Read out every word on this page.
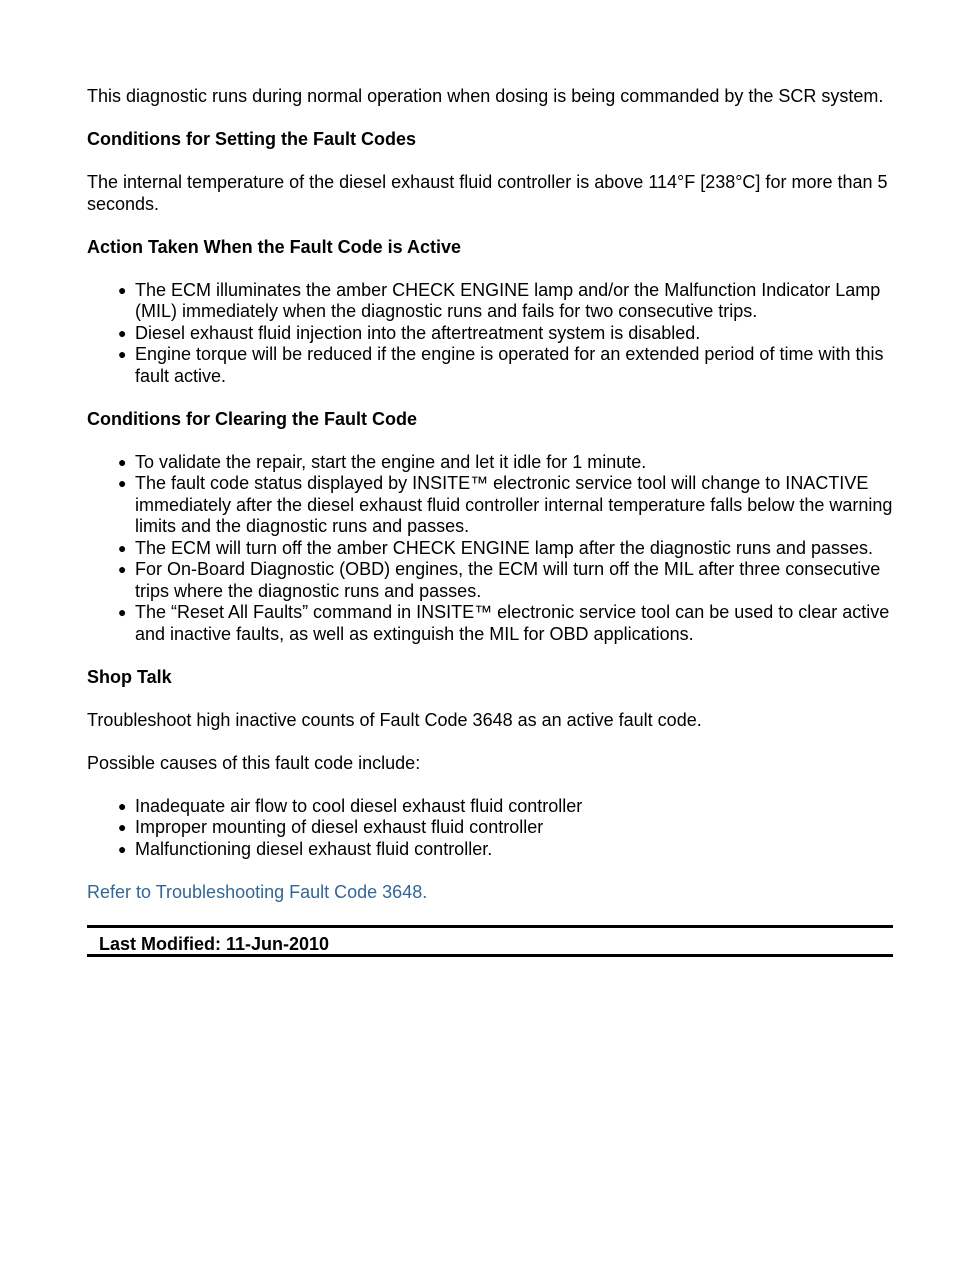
This diagnostic runs during normal operation when dosing is being commanded by the SCR system.

Conditions for Setting the Fault Codes

The internal temperature of the diesel exhaust fluid controller is above 114°F [238°C] for more than 5 seconds.

Action Taken When the Fault Code is Active

● The ECM illuminates the amber CHECK ENGINE lamp and/or the Malfunction Indicator Lamp (MIL) immediately when the diagnostic runs and fails for two consecutive trips.
● Diesel exhaust fluid injection into the aftertreatment system is disabled.
● Engine torque will be reduced if the engine is operated for an extended period of time with this fault active.

Conditions for Clearing the Fault Code

● To validate the repair, start the engine and let it idle for 1 minute.
● The fault code status displayed by INSITE™ electronic service tool will change to INACTIVE immediately after the diesel exhaust fluid controller internal temperature falls below the warning limits and the diagnostic runs and passes.
● The ECM will turn off the amber CHECK ENGINE lamp after the diagnostic runs and passes.
● For On-Board Diagnostic (OBD) engines, the ECM will turn off the MIL after three consecutive trips where the diagnostic runs and passes.
● The “Reset All Faults” command in INSITE™ electronic service tool can be used to clear active and inactive faults, as well as extinguish the MIL for OBD applications.

Shop Talk

Troubleshoot high inactive counts of Fault Code 3648 as an active fault code.

Possible causes of this fault code include:

● Inadequate air flow to cool diesel exhaust fluid controller
● Improper mounting of diesel exhaust fluid controller
● Malfunctioning diesel exhaust fluid controller.

Refer to Troubleshooting Fault Code 3648.

Last Modified: 11-Jun-2010
